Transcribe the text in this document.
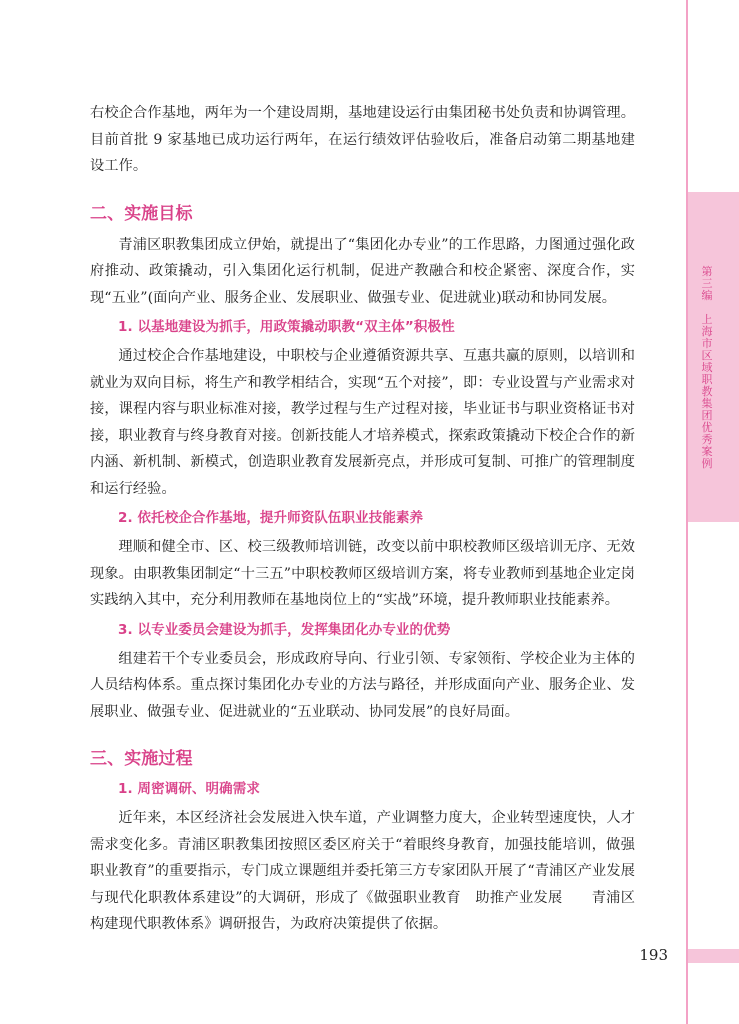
第三编
上海市区域职教集团优秀案例

右校企合作基地，两年为一个建设周期，基地建设运行由集团秘书处负责和协调管理。目前首批 9 家基地已成功运行两年，在运行绩效评估验收后，准备启动第二期基地建设工作。

二、实施目标

青浦区职教集团成立伊始，就提出了“集团化办专业”的工作思路，力图通过强化政府推动、政策撬动，引入集团化运行机制，促进产教融合和校企紧密、深度合作，实现“五业”(面向产业、服务企业、发展职业、做强专业、促进就业)联动和协同发展。

1. 以基地建设为抓手，用政策撬动职教“双主体”积极性

通过校企合作基地建设，中职校与企业遵循资源共享、互惠共赢的原则，以培训和就业为双向目标，将生产和教学相结合，实现“五个对接”，即：专业设置与产业需求对接，课程内容与职业标准对接，教学过程与生产过程对接，毕业证书与职业资格证书对接，职业教育与终身教育对接。创新技能人才培养模式，探索政策撬动下校企合作的新内涵、新机制、新模式，创造职业教育发展新亮点，并形成可复制、可推广的管理制度和运行经验。

2. 依托校企合作基地，提升师资队伍职业技能素养

理顺和健全市、区、校三级教师培训链，改变以前中职校教师区级培训无序、无效现象。由职教集团制定“十三五”中职校教师区级培训方案，将专业教师到基地企业定岗实践纳入其中，充分利用教师在基地岗位上的“实战”环境，提升教师职业技能素养。

3. 以专业委员会建设为抓手，发挥集团化办专业的优势

组建若干个专业委员会，形成政府导向、行业引领、专家领衔、学校企业为主体的人员结构体系。重点探讨集团化办专业的方法与路径，并形成面向产业、服务企业、发展职业、做强专业、促进就业的“五业联动、协同发展”的良好局面。

三、实施过程
1. 周密调研、明确需求

近年来，本区经济社会发展进入快车道，产业调整力度大，企业转型速度快，人才需求变化多。青浦区职教集团按照区委区府关于“着眼终身教育，加强技能培训，做强职业教育”的重要指示，专门成立课题组并委托第三方专家团队开展了“青浦区产业发展与现代化职教体系建设”的大调研，形成了《做强职业教育　助推产业发展　　青浦区构建现代职教体系》调研报告，为政府决策提供了依据。

193
